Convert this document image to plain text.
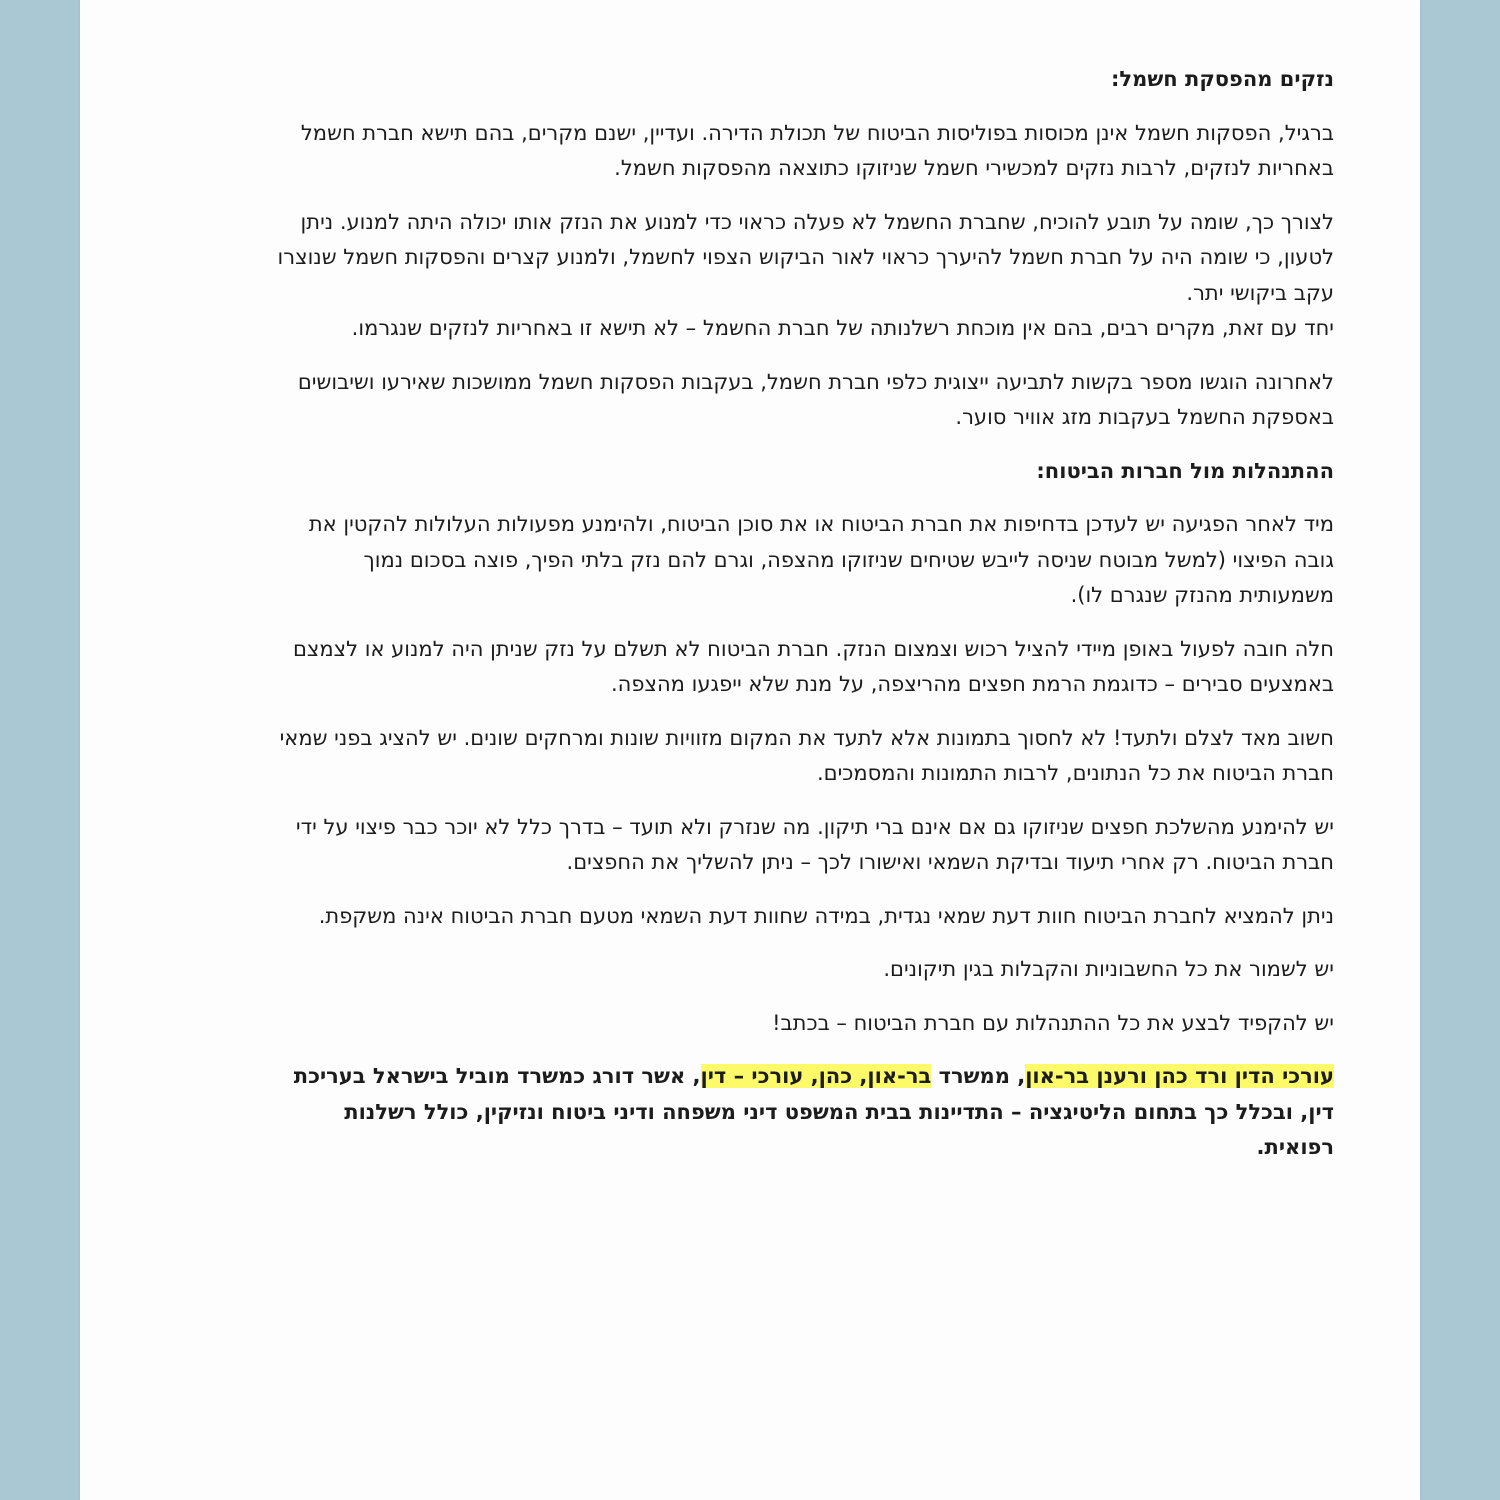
נזקים מהפסקת חשמל:

ברגיל, הפסקות חשמל אינן מכוסות בפוליסות הביטוח של תכולת הדירה. ועדיין, ישנם מקרים, בהם תישא חברת חשמל באחריות לנזקים, לרבות נזקים למכשירי חשמל שניזוקו כתוצאה מהפסקות חשמל.

לצורך כך, שומה על תובע להוכיח, שחברת החשמל לא פעלה כראוי כדי למנוע את הנזק אותו יכולה היתה למנוע. ניתן לטעון, כי שומה היה על חברת חשמל להיערך כראוי לאור הביקוש הצפוי לחשמל, ולמנוע קצרים והפסקות חשמל שנוצרו עקב ביקושי יתר.
יחד עם זאת, מקרים רבים, בהם אין מוכחת רשלנותה של חברת החשמל – לא תישא זו באחריות לנזקים שנגרמו.

לאחרונה הוגשו מספר בקשות לתביעה ייצוגית כלפי חברת חשמל, בעקבות הפסקות חשמל ממושכות שאירעו ושיבושים באספקת החשמל בעקבות מזג אוויר סוער.

ההתנהלות מול חברות הביטוח:

מיד לאחר הפגיעה יש לעדכן בדחיפות את חברת הביטוח או את סוכן הביטוח, ולהימנע מפעולות העלולות להקטין את גובה הפיצוי (למשל מבוטח שניסה לייבש שטיחים שניזוקו מהצפה, וגרם להם נזק בלתי הפיך, פוצה בסכום נמוך משמעותית מהנזק שנגרם לו).

חלה חובה לפעול באופן מיידי להציל רכוש וצמצום הנזק. חברת הביטוח לא תשלם על נזק שניתן היה למנוע או לצמצם באמצעים סבירים – כדוגמת הרמת חפצים מהריצפה, על מנת שלא ייפגעו מהצפה.

חשוב מאד לצלם ולתעד! לא לחסוך בתמונות אלא לתעד את המקום מזוויות שונות ומרחקים שונים. יש להציג בפני שמאי חברת הביטוח את כל הנתונים, לרבות התמונות והמסמכים.

יש להימנע מהשלכת חפצים שניזוקו גם אם אינם ברי תיקון. מה שנזרק ולא תועד – בדרך כלל לא יוכר כבר פיצוי על ידי חברת הביטוח. רק אחרי תיעוד ובדיקת השמאי ואישורו לכך – ניתן להשליך את החפצים.

ניתן להמציא לחברת הביטוח חוות דעת שמאי נגדית, במידה שחוות דעת השמאי מטעם חברת הביטוח אינה משקפת.

יש לשמור את כל החשבוניות והקבלות בגין תיקונים.

יש להקפיד לבצע את כל ההתנהלות עם חברת הביטוח – בכתב!

עורכי הדין ורד כהן ורענן בר-און, ממשרד בר-און, כהן, עורכי – דין, אשר דורג כמשרד מוביל בישראל בעריכת דין, ובכלל כך בתחום הליטיגציה – התדיינות בבית המשפט דיני משפחה ודיני ביטוח ונזיקין, כולל רשלנות רפואית.
